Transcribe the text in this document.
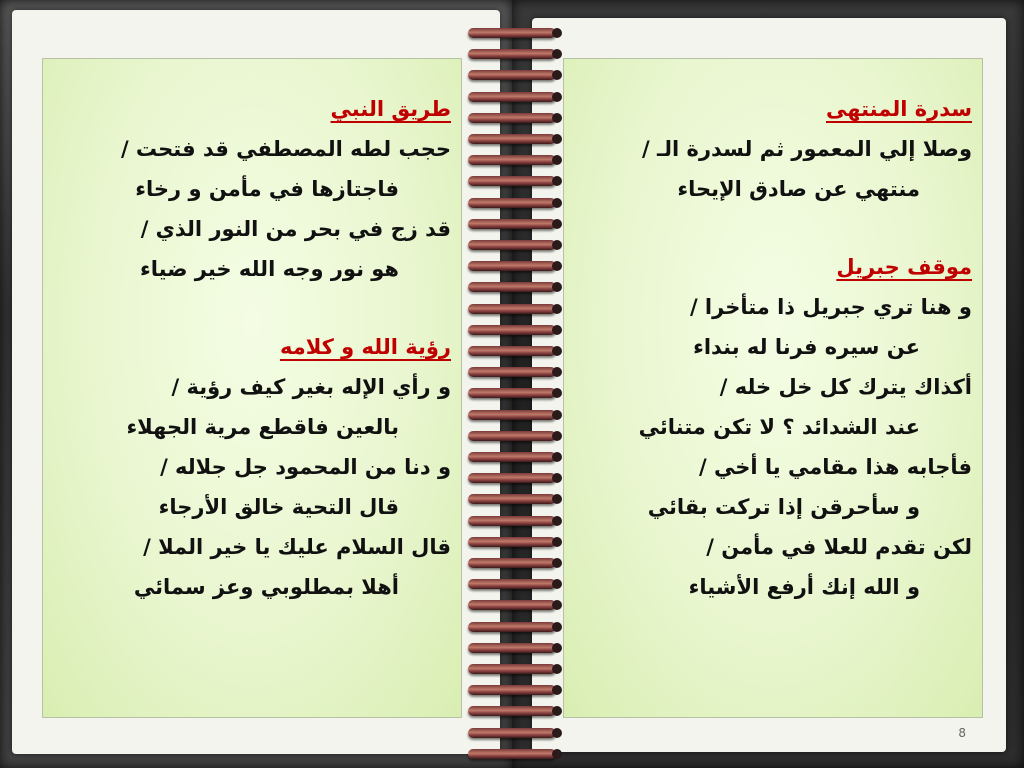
طريق النبي
حجب لطه المصطفي قد فتحت /
فاجتازها في مأمن و رخاء
قد زج في بحر من النور الذي /
هو نور وجه الله خير ضياء
رؤية الله و كلامه
و رأي الإله بغير كيف رؤية /
بالعين فاقطع مرية الجهلاء
و دنا من المحمود جل جلاله /
قال التحية خالق الأرجاء
قال السلام عليك يا خير الملا /
أهلا بمطلوبي وعز سمائي
سدرة المنتهى
وصلا إلي المعمور ثم لسدرة الـ /
منتهي عن صادق الإيحاء
موقف جبريل
و هنا تري جبريل ذا متأخرا /
عن سيره فرنا له بنداء
أكذاك يترك كل خل خله /
عند الشدائد ؟ لا تكن متنائي
فأجابه هذا مقامي يا أخي /
و سأحرقن إذا تركت بقائي
لكن تقدم للعلا في مأمن /
و الله إنك أرفع الأشياء
8
